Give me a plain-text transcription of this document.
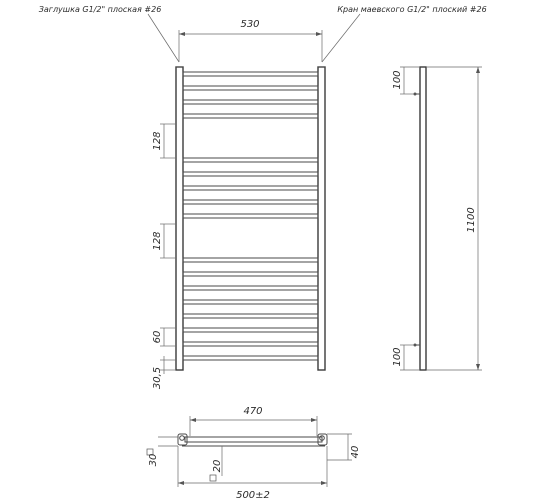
530
Заглушка G1/2" плоская #26	Кран маевского G1/2" плоский #26
128
128
60
30,5
100
100
1100
470
30	20
40
500±2
